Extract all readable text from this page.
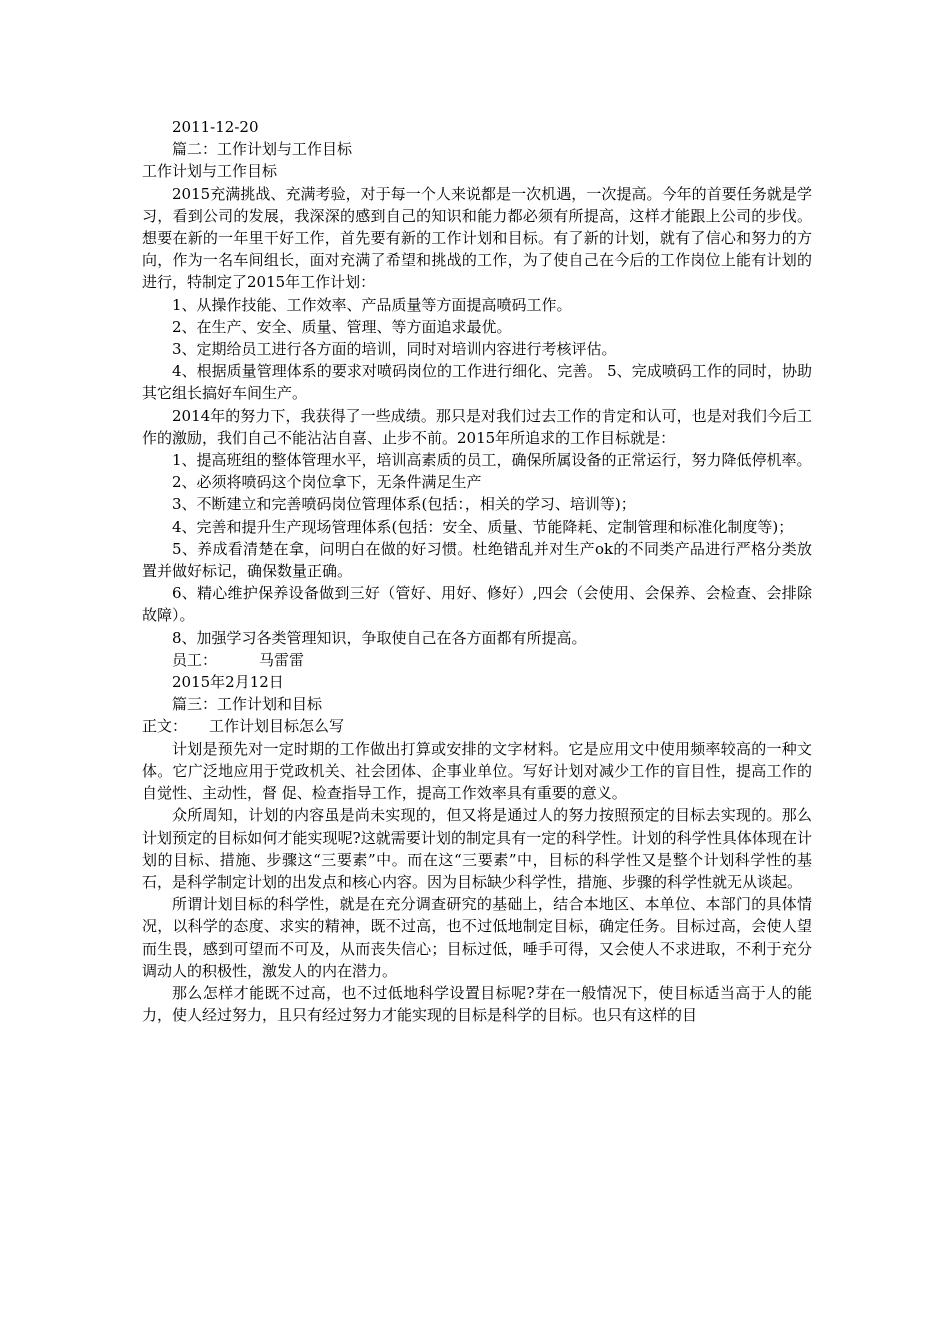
2011-12-20

篇二：工作计划与工作目标

工作计划与工作目标

2015充满挑战、充满考验，对于每一个人来说都是一次机遇，一次提高。今年的首要任务就是学习，看到公司的发展，我深深的感到自己的知识和能力都必须有所提高，这样才能跟上公司的步伐。想要在新的一年里干好工作，首先要有新的工作计划和目标。有了新的计划，就有了信心和努力的方向，作为一名车间组长，面对充满了希望和挑战的工作，为了使自己在今后的工作岗位上能有计划的进行，特制定了2015年工作计划：

1、从操作技能、工作效率、产品质量等方面提高喷码工作。

2、在生产、安全、质量、管理、等方面追求最优。

3、定期给员工进行各方面的培训，同时对培训内容进行考核评估。

4、根据质量管理体系的要求对喷码岗位的工作进行细化、完善。 5、完成喷码工作的同时，协助其它组长搞好车间生产。

2014年的努力下，我获得了一些成绩。那只是对我们过去工作的肯定和认可，也是对我们今后工作的激励，我们自己不能沾沾自喜、止步不前。2015年所追求的工作目标就是：

1、提高班组的整体管理水平，培训高素质的员工，确保所属设备的正常运行，努力降低停机率。

2、必须将喷码这个岗位拿下，无条件满足生产

3、不断建立和完善喷码岗位管理体系(包括：，相关的学习、培训等)；

4、完善和提升生产现场管理体系(包括：安全、质量、节能降耗、定制管理和标准化制度等)；

5、养成看清楚在拿，问明白在做的好习惯。杜绝错乱并对生产ok的不同类产品进行严格分类放置并做好标记，确保数量正确。

6、精心维护保养设备做到三好（管好、用好、修好）,四会（会使用、会保养、会检查、会排除故障）。

8、加强学习各类管理知识，争取使自己在各方面都有所提高。

员工：	马雷雷

2015年2月12日

篇三：工作计划和目标

正文： 工作计划目标怎么写

计划是预先对一定时期的工作做出打算或安排的文字材料。它是应用文中使用频率较高的一种文体。它广泛地应用于党政机关、社会团体、企事业单位。写好计划对减少工作的盲目性，提高工作的自觉性、主动性，督 促、检查指导工作，提高工作效率具有重要的意义。

众所周知，计划的内容虽是尚未实现的，但又将是通过人的努力按照预定的目标去实现的。那么计划预定的目标如何才能实现呢?这就需要计划的制定具有一定的科学性。计划的科学性具体体现在计划的目标、措施、步骤这“三要素”中。而在这“三要素”中，目标的科学性又是整个计划科学性的基石，是科学制定计划的出发点和核心内容。因为目标缺少科学性，措施、步骤的科学性就无从谈起。

所谓计划目标的科学性，就是在充分调查研究的基础上，结合本地区、本单位、本部门的具体情况，以科学的态度、求实的精神，既不过高，也不过低地制定目标，确定任务。目标过高，会使人望而生畏，感到可望而不可及，从而丧失信心；目标过低，唾手可得，又会使人不求进取，不利于充分调动人的积极性，激发人的内在潜力。

那么怎样才能既不过高，也不过低地科学设置目标呢?芽在一般情况下，使目标适当高于人的能力，使人经过努力，且只有经过努力才能实现的目标是科学的目标。也只有这样的目
